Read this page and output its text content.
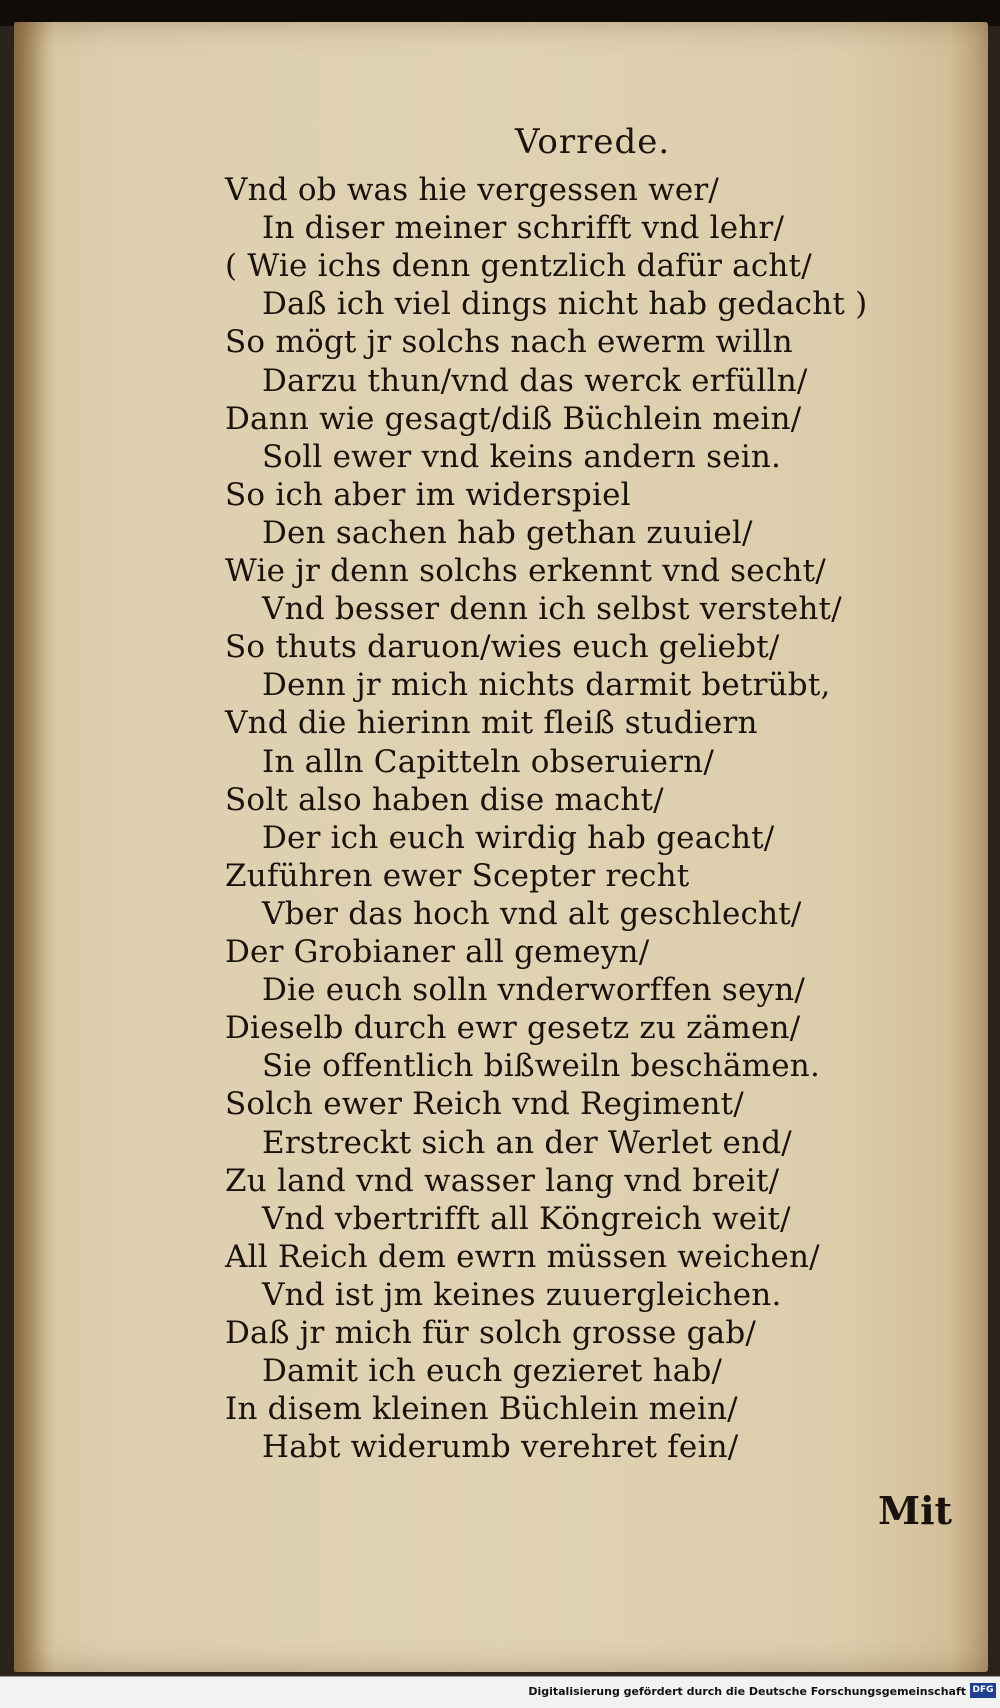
Vorrede.
Vnd ob was hie vergessen wer/
In diser meiner schrifft vnd lehr/
( Wie ichs denn gentzlich dafür acht/
Daß ich viel dings nicht hab gedacht )
So mögt jr solchs nach ewerm willn
Darzu thun/vnd das werck erfülln/
Dann wie gesagt/diß Büchlein mein/
Soll ewer vnd keins andern sein.
So ich aber im widerspiel
Den sachen hab gethan zuuiel/
Wie jr denn solchs erkennt vnd secht/
Vnd besser denn ich selbst versteht/
So thuts daruon/wies euch geliebt/
Denn jr mich nichts darmit betrübt,
Vnd die hierinn mit fleiß studiern
In alln Capitteln obseruiern/
Solt also haben dise macht/
Der ich euch wirdig hab geacht/
Zuführen ewer Scepter recht
Vber das hoch vnd alt geschlecht/
Der Grobianer all gemeyn/
Die euch solln vnderworffen seyn/
Dieselb durch ewr gesetz zu zämen/
Sie offentlich bißweiln beschämen.
Solch ewer Reich vnd Regiment/
Erstreckt sich an der Werlet end/
Zu land vnd wasser lang vnd breit/
Vnd vbertrifft all Köngreich weit/
All Reich dem ewrn müssen weichen/
Vnd ist jm keines zuuergleichen.
Daß jr mich für solch grosse gab/
Damit ich euch gezieret hab/
In disem kleinen Büchlein mein/
Habt widerumb verehret fein/
Mit
Digitalisierung gefördert durch die Deutsche Forschungsgemeinschaft DFG
